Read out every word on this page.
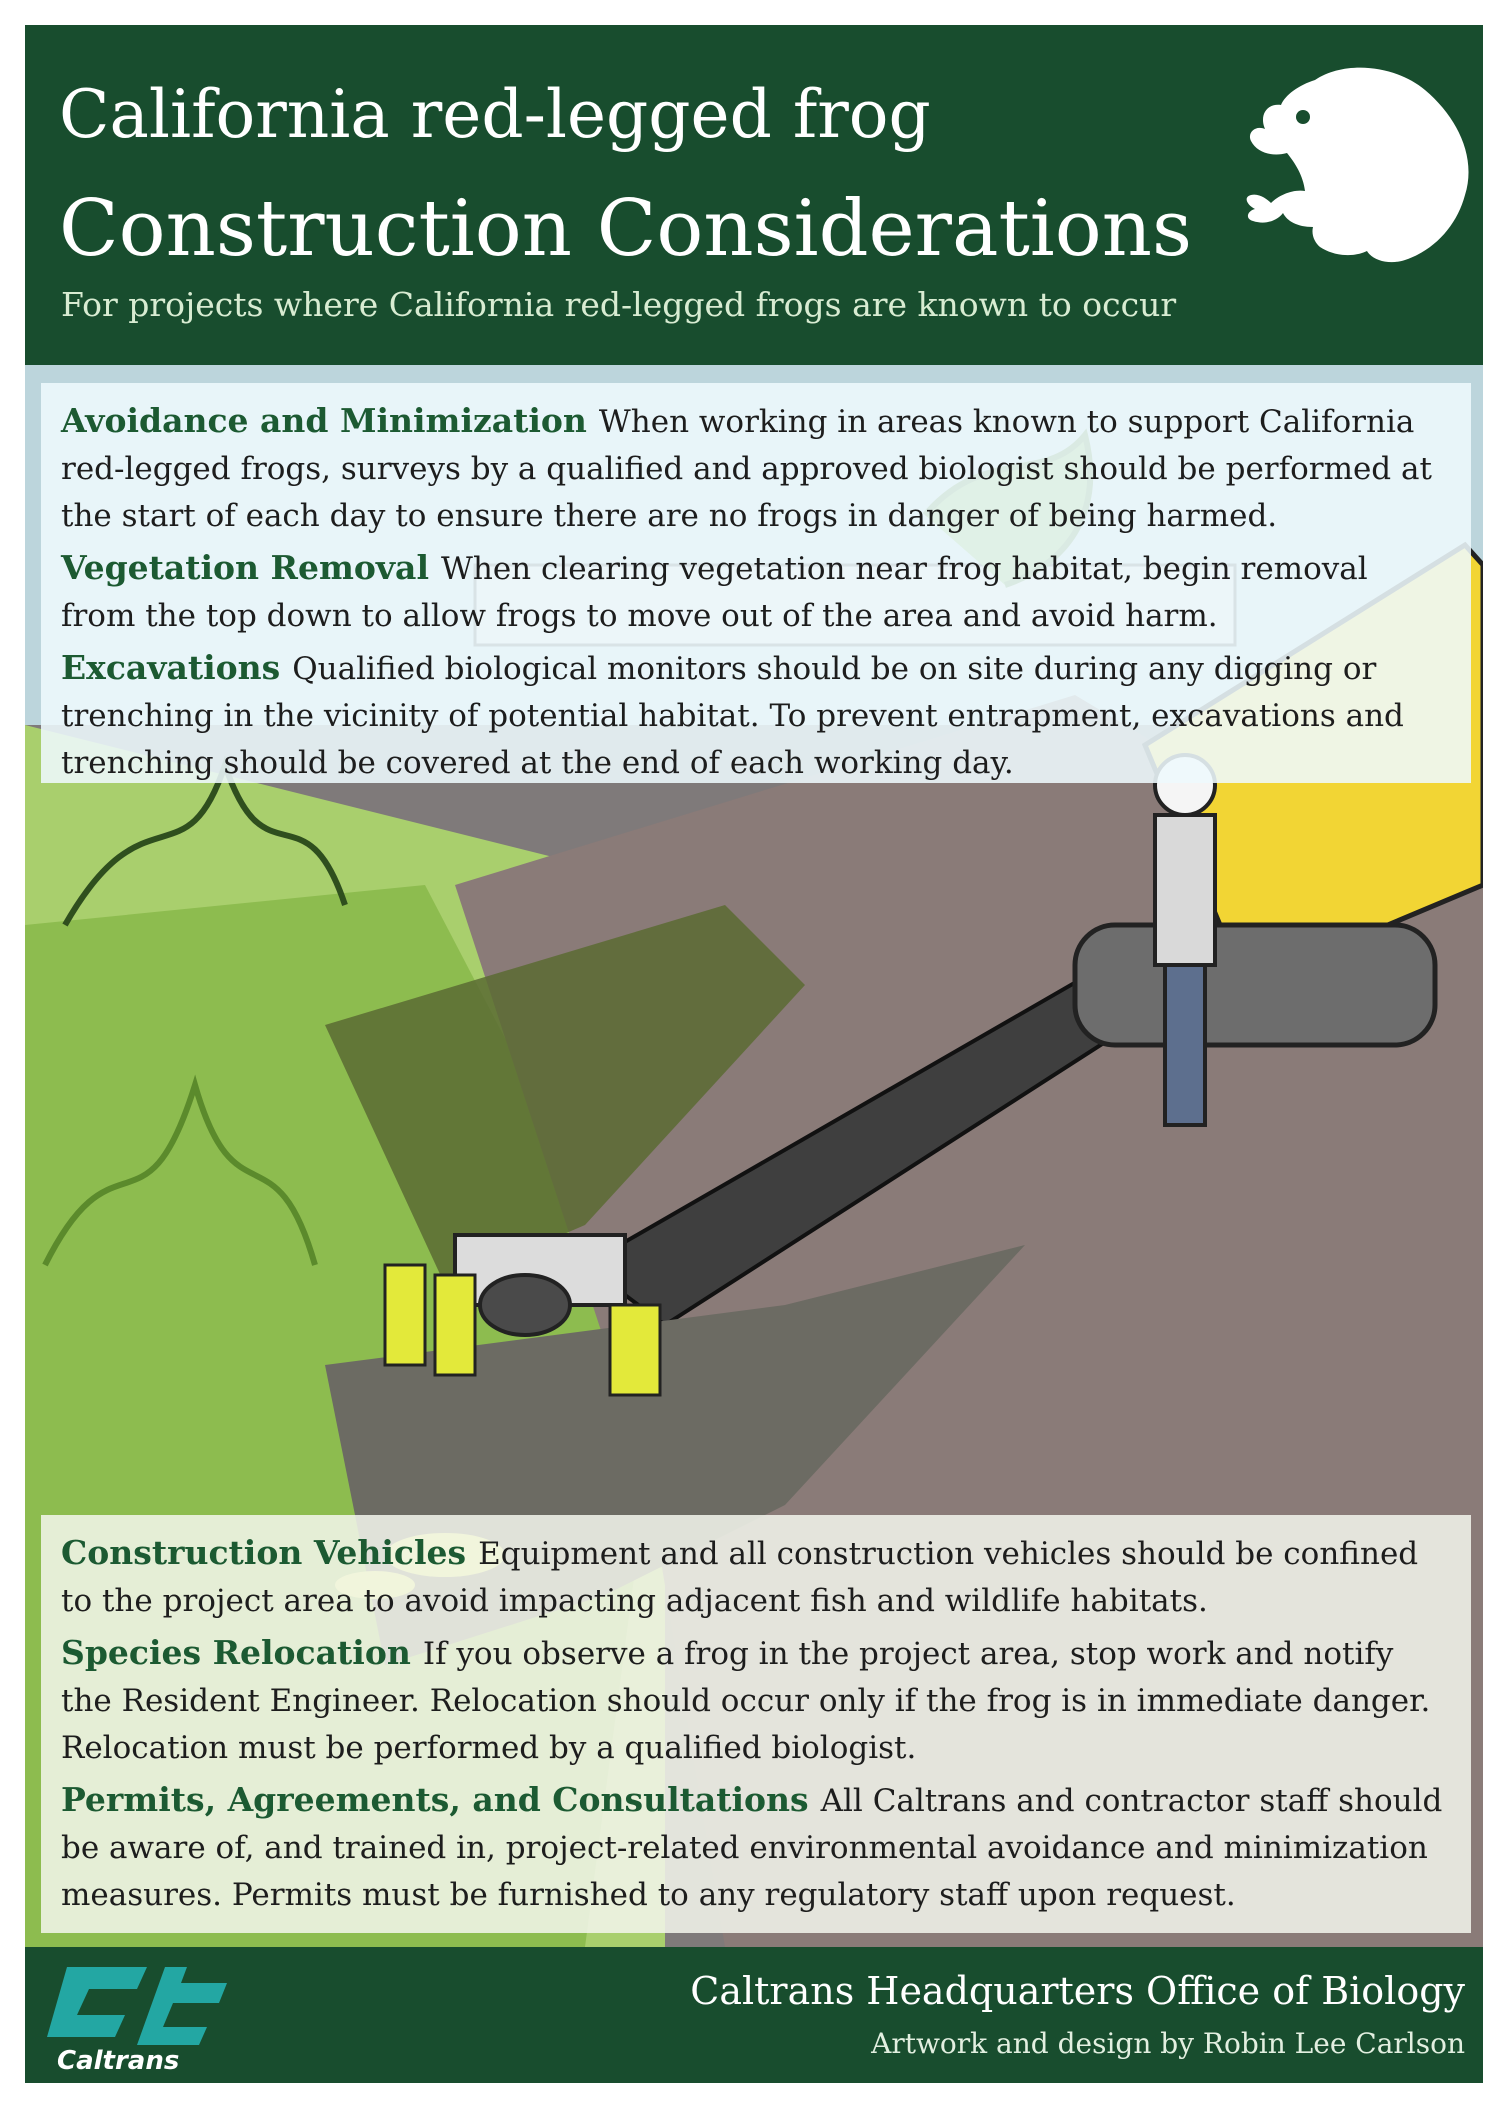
California red-legged frog
Construction Considerations

For projects where California red-legged frogs are known to occur

Avoidance and Minimization When working in areas known to support California red-legged frogs, surveys by a qualified and approved biologist should be performed at the start of each day to ensure there are no frogs in danger of being harmed.

Vegetation Removal When clearing vegetation near frog habitat, begin removal from the top down to allow frogs to move out of the area and avoid harm.

Excavations Qualified biological monitors should be on site during any digging or trenching in the vicinity of potential habitat. To prevent entrapment, excavations and trenching should be covered at the end of each working day.

Construction Vehicles Equipment and all construction vehicles should be confined to the project area to avoid impacting adjacent fish and wildlife habitats.

Species Relocation If you observe a frog in the project area, stop work and notify the Resident Engineer. Relocation should occur only if the frog is in immediate danger. Relocation must be performed by a qualified biologist.

Permits, Agreements, and Consultations All Caltrans and contractor staff should be aware of, and trained in, project-related environmental avoidance and minimization measures. Permits must be furnished to any regulatory staff upon request.

Caltrans

Caltrans Headquarters Office of Biology

Artwork and design by Robin Lee Carlson
